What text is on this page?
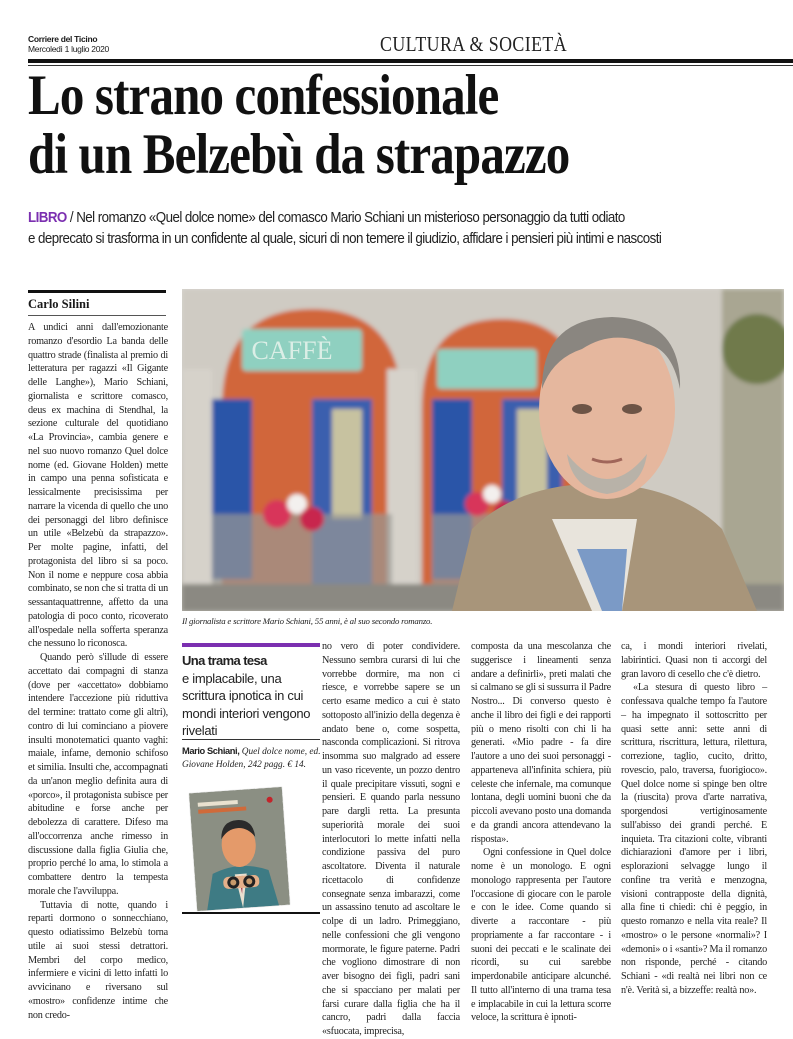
Corriere del Ticino
Mercoledì 1 luglio 2020	CULTURA & SOCIETÀ
Lo strano confessionale
di un Belzebù da strapazzo
LIBRO / Nel romanzo «Quel dolce nome» del comasco Mario Schiani un misterioso personaggio da tutti odiato
e deprecato si trasforma in un confidente al quale, sicuri di non temere il giudizio, affidare i pensieri più intimi e nascosti
Carlo Silini

A undici anni dall'emozionante romanzo d'esordio La banda delle quattro strade (finalista al premio di letteratura per ragazzi «Il Gigante delle Langhe»), Mario Schiani, giornalista e scrittore comasco, deus ex machina di Stendhal, la sezione culturale del quotidiano «La Provincia», cambia genere e nel suo nuovo romanzo Quel dolce nome (ed. Giovane Holden) mette in campo una penna sofisticata e lessicalmente precisissima per narrare la vicenda di quello che uno dei personaggi del libro definisce un utile «Belzebù da strapazzo». Per molte pagine, infatti, del protagonista del libro si sa poco. Non il nome e neppure cosa abbia combinato, se non che si tratta di un sessantaquattrenne, affetto da una patologia di poco conto, ricoverato all'ospedale nella sofferta speranza che nessuno lo riconosca.

Quando però s'illude di essere accettato dai compagni di stanza (dove per «accettato» dobbiamo intendere l'accezione più riduttiva del termine: trattato come gli altri), contro di lui cominciano a piovere insulti monotematici quanto vaghi: maiale, infame, demonio schifoso et similia. Insulti che, accompagnati da un'anon meglio definita aura di «porco», il protagonista subisce per abitudine e forse anche per debolezza di carattere. Difeso ma all'occorrenza anche rimesso in discussione dalla figlia Giulia che, proprio perché lo ama, lo stimola a combattere dentro la tempesta morale che l'avviluppa.

Tuttavia di notte, quando i reparti dormono o sonnecchiano, questo odiatissimo Belzebù torna utile ai suoi stessi detrattori. Membri del corpo medico, infermiere e vicini di letto infatti lo avvicinano e riversano sul «mostro» confidenze intime che non credo-

CAFFÈ
Il giornalista e scrittore Mario Schiani, 55 anni, è al suo secondo romanzo.
Una trama tesa
e implacabile, una scrittura ipnotica in cui mondi interiori vengono rivelati
Mario Schiani, Quel dolce nome, ed. Giovane Holden, 242 pagg. € 14.

no vero di poter condividere. Nessuno sembra curarsi di lui che vorrebbe dormire, ma non ci riesce, e vorrebbe sapere se un certo esame medico a cui è stato sottoposto all'inizio della degenza è andato bene o, come sospetta, nasconda complicazioni. Si ritrova insomma suo malgrado ad essere un vaso ricevente, un pozzo dentro il quale precipitare vissuti, sogni e pensieri. E quando parla nessuno pare dargli retta. La presunta superiorità morale dei suoi interlocutori lo mette infatti nella condizione passiva del puro ascoltatore. Diventa il naturale ricettacolo di confidenze consegnate senza imbarazzi, come un assassino tenuto ad ascoltare le colpe di un ladro. Primeggiano, nelle confessioni che gli vengono mormorate, le figure paterne. Padri che vogliono dimostrare di non aver bisogno dei figli, padri sani che si spacciano per malati per farsi curare dalla figlia che ha il cancro, padri dalla faccia «sfuocata, imprecisa,

composta da una mescolanza che suggerisce i lineamenti senza andare a definirli», preti malati che si calmano se gli si sussurra il Padre Nostro... Di converso questo è anche il libro dei figli e dei rapporti più o meno risolti con chi li ha generati. «Mio padre - fa dire l'autore a uno dei suoi personaggi - apparteneva all'infinita schiera, più celeste che infernale, ma comunque lontana, degli uomini buoni che da piccoli avevano posto una domanda e da grandi ancora attendevano la risposta».

Ogni confessione in Quel dolce nome è un monologo. E ogni monologo rappresenta per l'autore l'occasione di giocare con le parole e con le idee. Come quando si diverte a raccontare - più propriamente a far raccontare - i suoni dei peccati e le scalinate dei ricordi, su cui sarebbe imperdonabile anticipare alcunché. Il tutto all'interno di una trama tesa e implacabile in cui la lettura scorre veloce, la scrittura è ipnoti-

ca, i mondi interiori rivelati, labirintici. Quasi non ti accorgi del gran lavoro di cesello che c'è dietro.

«La stesura di questo libro – confessava qualche tempo fa l'autore – ha impegnato il sottoscritto per quasi sette anni: sette anni di scrittura, riscrittura, lettura, rilettura, correzione, taglio, cucito, dritto, rovescio, palo, traversa, fuorigioco». Quel dolce nome si spinge ben oltre la (riuscita) prova d'arte narrativa, sporgendosi vertiginosamente sull'abisso dei grandi perché. E inquieta. Tra citazioni colte, vibranti dichiarazioni d'amore per i libri, esplorazioni selvagge lungo il confine tra verità e menzogna, visioni contrapposte della dignità, alla fine ti chiedi: chi è peggio, in questo romanzo e nella vita reale? Il «mostro» o le persone «normali»? I «demoni» o i «santi»? Ma il romanzo non risponde, perché - citando Schiani - «di realtà nei libri non ce n'è. Verità sì, a bizzeffe: realtà no».
